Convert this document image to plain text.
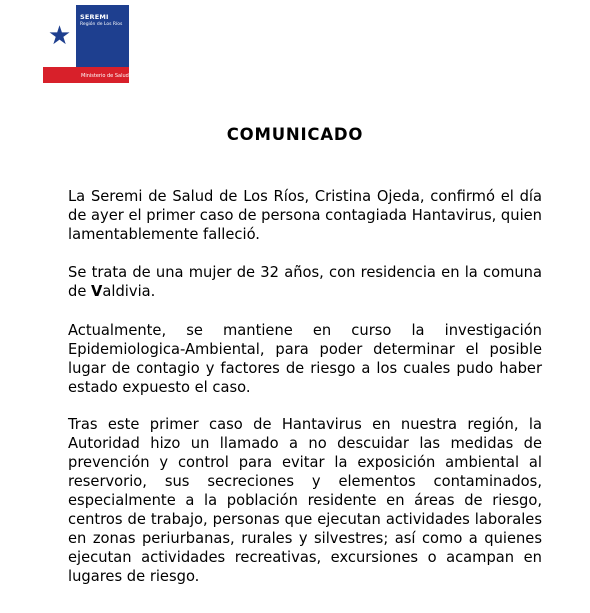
★
SEREMI
Región de Los Ríos
Ministerio de Salud
COMUNICADO
La Seremi de Salud de Los Ríos, Cristina Ojeda, confirmó el día de ayer el primer caso de persona contagiada Hantavirus, quien lamentablemente falleció.
Se trata de una mujer de 32 años, con residencia en la comuna de Valdivia.
Actualmente, se mantiene en curso la investigación Epidemiologica-Ambiental, para poder determinar el posible lugar de contagio y factores de riesgo a los cuales pudo haber estado expuesto el caso.
Tras este primer caso de Hantavirus en nuestra región, la Autoridad hizo un llamado a no descuidar las medidas de prevención y control para evitar la exposición ambiental al reservorio, sus secreciones y elementos contaminados, especialmente a la población residente en áreas de riesgo, centros de trabajo, personas que ejecutan actividades laborales en zonas periurbanas, rurales y silvestres; así como a quienes ejecutan actividades recreativas, excursiones o acampan en lugares de riesgo.
